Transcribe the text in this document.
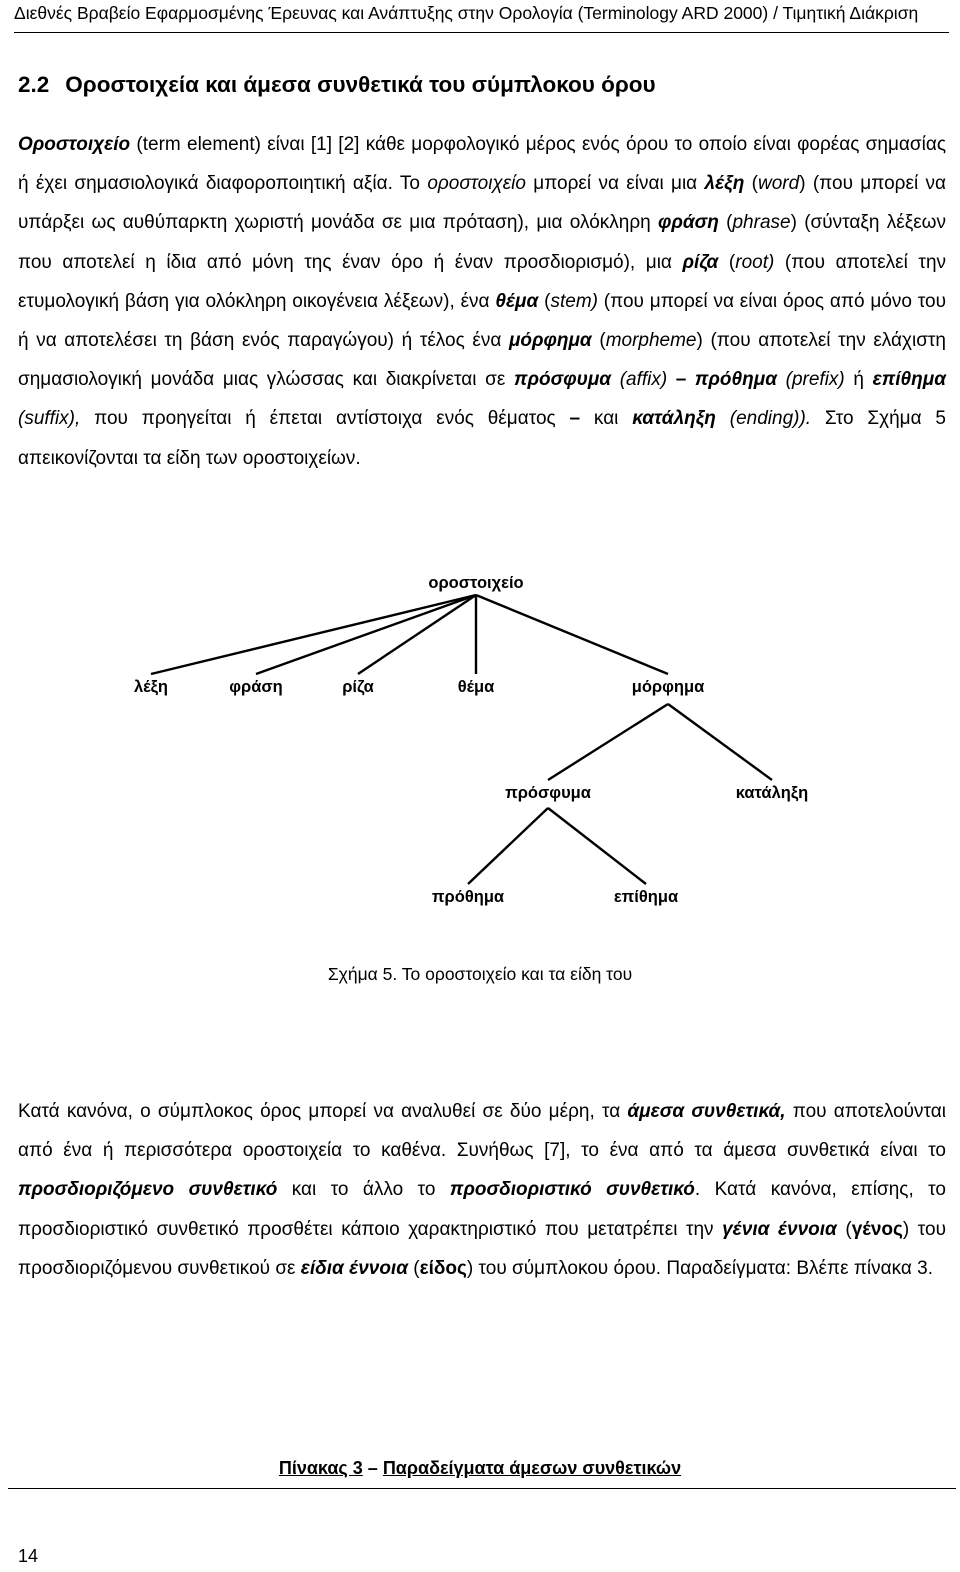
Διεθνές Βραβείο Εφαρμοσμένης Έρευνας και Ανάπτυξης στην Ορολογία (Terminology ARD 2000) / Τιμητική Διάκριση
2.2 Οροστοιχεία και άμεσα συνθετικά του σύμπλοκου όρου

Οροστοιχείο (term element) είναι [1] [2] κάθε μορφολογικό μέρος ενός όρου το οποίο είναι φορέας σημασίας ή έχει σημασιολογικά διαφοροποιητική αξία. Το οροστοιχείο μπορεί να είναι μια λέξη (word) (που μπορεί να υπάρξει ως αυθύπαρκτη χωριστή μονάδα σε μια πρόταση), μια ολόκληρη φράση (phrase) (σύνταξη λέξεων που αποτελεί η ίδια από μόνη της έναν όρο ή έναν προσδιορισμό), μια ρίζα (root) (που αποτελεί την ετυμολογική βάση για ολόκληρη οικογένεια λέξεων), ένα θέμα (stem) (που μπορεί να είναι όρος από μόνο του ή να αποτελέσει τη βάση ενός παραγώγου) ή τέλος ένα μόρφημα (morpheme) (που αποτελεί την ελάχιστη σημασιολογική μονάδα μιας γλώσσας και διακρίνεται σε πρόσφυμα (affix) – πρόθημα (prefix) ή επίθημα (suffix), που προηγείται ή έπεται αντίστοιχα ενός θέματος – και κατάληξη (ending)). Στο Σχήμα 5 απεικονίζονται τα είδη των οροστοιχείων.

οροστοιχείο
λέξη	φράση	ρίζα	θέμα	μόρφημα
πρόσφυμα	κατάληξη
πρόθημα	επίθημα
Σχήμα 5. Το οροστοιχείο και τα είδη του

Κατά κανόνα, ο σύμπλοκος όρος μπορεί να αναλυθεί σε δύο μέρη, τα άμεσα συνθετικά, που αποτελούνται από ένα ή περισσότερα οροστοιχεία το καθένα. Συνήθως [7], το ένα από τα άμεσα συνθετικά είναι το προσδιοριζόμενο συνθετικό και το άλλο το προσδιοριστικό συνθετικό. Κατά κανόνα, επίσης, το προσδιοριστικό συνθετικό προσθέτει κάποιο χαρακτηριστικό που μετατρέπει την γένια έννοια (γένος) του προσδιοριζόμενου συνθετικού σε είδια έννοια (είδος) του σύμπλοκου όρου. Παραδείγματα: Βλέπε πίνακα 3.

Πίνακας 3 – Παραδείγματα άμεσων συνθετικών
14
